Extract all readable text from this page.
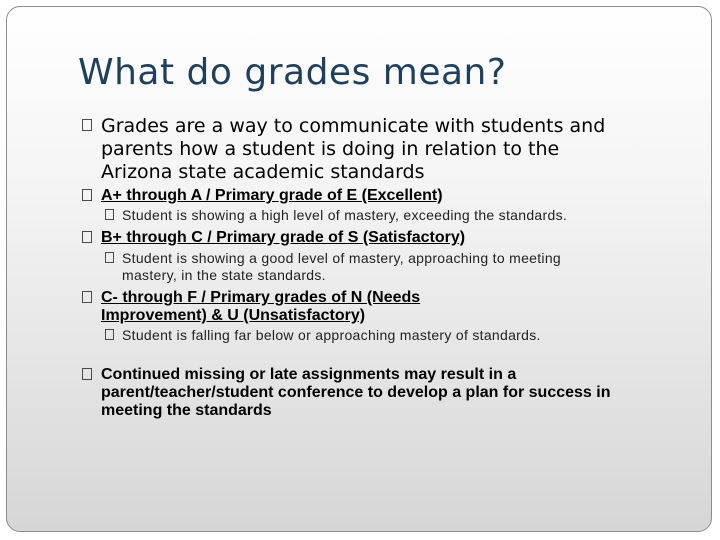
What do grades mean?
Grades are a way to communicate with students and
parents how a student is doing in relation to the
Arizona state academic standards
A+ through A / Primary grade of E (Excellent)
Student is showing a high level of mastery, exceeding the standards.
B+ through C / Primary grade of S (Satisfactory)
Student is showing a good level of mastery, approaching to meeting
mastery, in the state standards.
C- through F / Primary grades of N (Needs
Improvement) & U (Unsatisfactory)
Student is falling far below or approaching mastery of standards.
Continued missing or late assignments may result in a
parent/teacher/student conference to develop a plan for success in
meeting the standards
